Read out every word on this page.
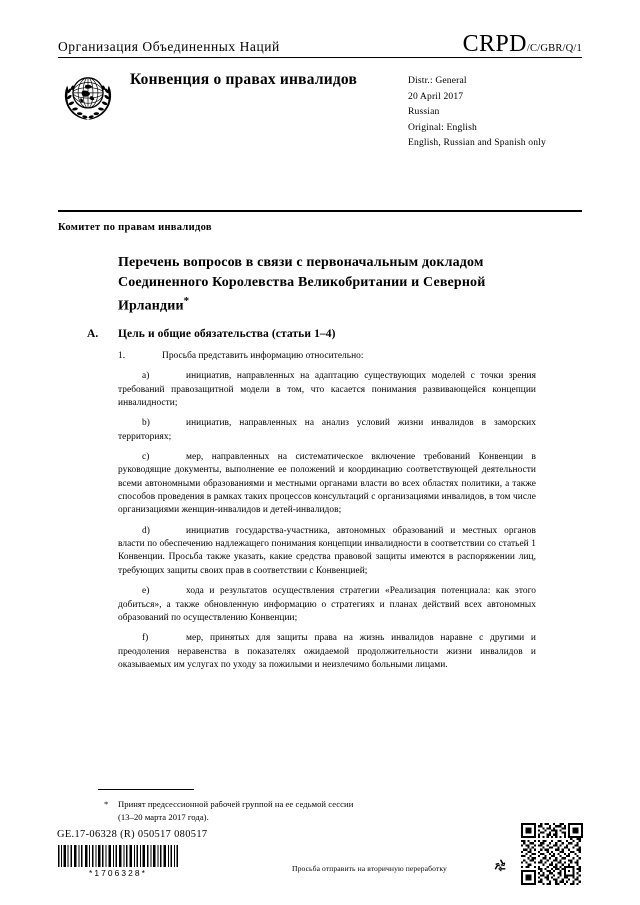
Организация Объединенных Наций	CRPD /C/GBR/Q/1
Конвенция о правах инвалидов	Distr.: General
20 April 2017
Russian
Original: English
English, Russian and Spanish only
Комитет по правам инвалидов
Перечень вопросов в связи с первоначальным докладом Соединенного Королевства Великобритании и Северной Ирландии*
A. Цель и общие обязательства (статьи 1–4)

1.	Просьба представить информацию относительно:

a)	инициатив, направленных на адаптацию существующих моделей с точки зрения требований правозащитной модели в том, что касается понимания развивающейся концепции инвалидности;

b)	инициатив, направленных на анализ условий жизни инвалидов в заморских территориях;

c)	мер, направленных на систематическое включение требований Конвенции в руководящие документы, выполнение ее положений и координацию соответствующей деятельности всеми автономными образованиями и местными органами власти во всех областях политики, а также способов проведения в рамках таких процессов консультаций с организациями инвалидов, в том числе организациями женщин-инвалидов и детей-инвалидов;

d)	инициатив государства-участника, автономных образований и местных органов власти по обеспечению надлежащего понимания концепции инвалидности в соответствии со статьей 1 Конвенции. Просьба также указать, какие средства правовой защиты имеются в распоряжении лиц, требующих защиты своих прав в соответствии с Конвенцией;

e)	хода и результатов осуществления стратегии «Реализация потенциала: как этого добиться», а также обновленную информацию о стратегиях и планах действий всех автономных образований по осуществлению Конвенции;

f)	мер, принятых для защиты права на жизнь инвалидов наравне с другими и преодоления неравенства в показателях ожидаемой продолжительности жизни инвалидов и оказываемых им услугах по уходу за пожилыми и неизлечимо больными лицами.

* Принят предсессионной рабочей группой на ее седьмой сессии
(13–20 марта 2017 года).
GE.17-06328 (R) 050517 080517
*1706328*	Просьба отправить на вторичную переработку
